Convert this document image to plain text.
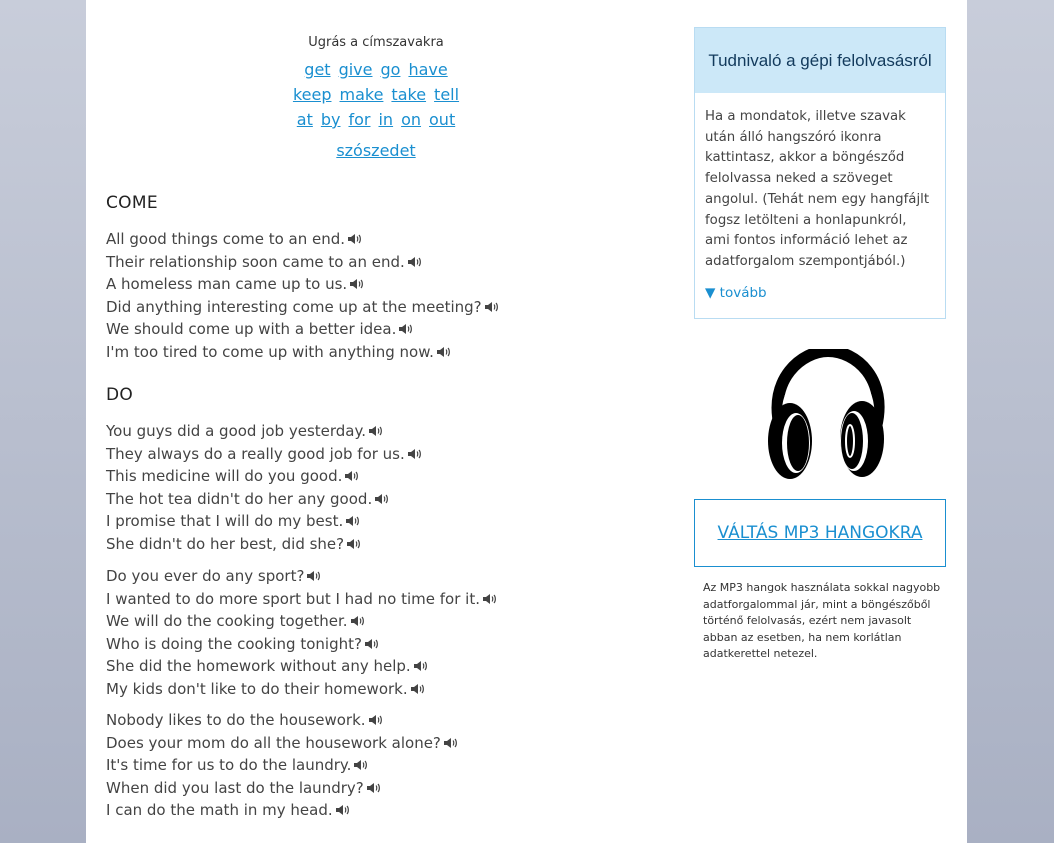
Ugrás a címszavakra
get give go have
keep make take tell
at by for in on out
szószedet
COME
All good things come to an end.
Their relationship soon came to an end.
A homeless man came up to us.
Did anything interesting come up at the meeting?
We should come up with a better idea.
I'm too tired to come up with anything now.
DO
You guys did a good job yesterday.
They always do a really good job for us.
This medicine will do you good.
The hot tea didn't do her any good.
I promise that I will do my best.
She didn't do her best, did she?
Do you ever do any sport?
I wanted to do more sport but I had no time for it.
We will do the cooking together.
Who is doing the cooking tonight?
She did the homework without any help.
My kids don't like to do their homework.
Nobody likes to do the housework.
Does your mom do all the housework alone?
It's time for us to do the laundry.
When did you last do the laundry?
I can do the math in my head.
Tudnivaló a gépi felolvasásról
Ha a mondatok, illetve szavak után álló hangszóró ikonra kattintasz, akkor a böngésződ felolvassa neked a szöveget angolul. (Tehát nem egy hangfájlt fogsz letölteni a honlapunkról, ami fontos információ lehet az adatforgalom szempontjából.)
▼ tovább
VÁLTÁS MP3 HANGOKRA
Az MP3 hangok használata sokkal nagyobb adatforgalommal jár, mint a böngészőből történő felolvasás, ezért nem javasolt abban az esetben, ha nem korlátlan adatkerettel netezel.
